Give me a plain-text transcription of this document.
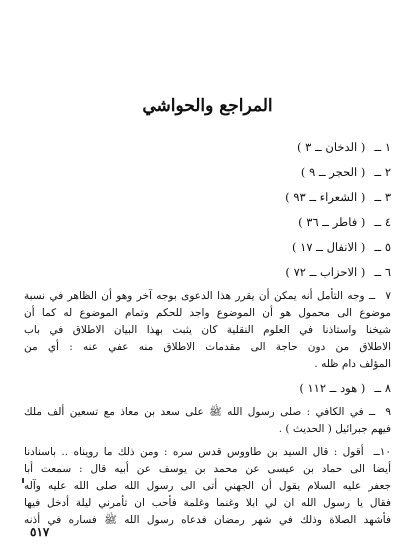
المراجع والحواشي
١ ــ ( الدخان ــ ٣ )
٢ ــ ( الحجر ــ ٩ )
٣ ــ ( الشعراء ــ ٩٣ )
٤ ــ ( فاطر ــ ٣٦ )
٥ ــ ( الانفال ــ ١٧ )
٦ ــ ( الاحزاب ــ ٧٢ )
٧ ــ وجه التأمل أنه يمكن أن يقرر هذا الدعوى بوجه آخر وهو أن الظاهر في نسبة
موضوع الى محمول هو أن الموضوع واجد للحكم وتمام الموضوع له كما أن
شيخنا واستاذنا في العلوم النقلية كان يثبت بهذا البيان الاطلاق في باب
الاطلاق من دون حاجة الى مقدمات الاطلاق منه عفي عنه : أي من
المؤلف دام ظله .
٨ ــ ( هود ــ ١١٢ )
٩ ــ في الكافي : صلى رسول الله ﷺ على سعد بن معاذ مع تسعين ألف ملك
فيهم جبرائيل ( الحديث ) .
١٠ــ أقول : قال السيد بن طاووس قدس سره : ومن ذلك ما رويناه .. باسنادنا
أيضا الى حماد بن عيسى عن محمد بن يوسف عن أبيه قال : سمعت أبا
جعفر عليه السلام يقول أن الجهني أتى الى رسول الله صلى الله عليه وآله
فقال يا رسول الله ان لي ابلا وغنما وغلمة فأحب ان تأمرني ليلة أدخل فيها
فأشهد الصلاة وذلك في شهر رمضان فدعاه رسول الله ﷺ فساره في أذنه
٥١٧
